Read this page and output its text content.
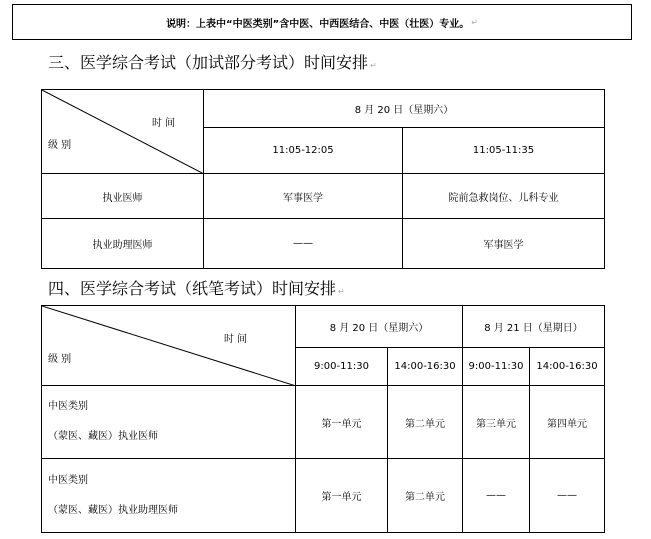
说明：上表中“中医类别”含中医、中西医结合、中医（壮医）专业。 ↵
三、医学综合考试（加试部分考试）时间安排 ↵
时 间
级 别	8 月 20 日（星期六）	
	11:05-12:05	11:05-11:35
执业医师	军事医学	院前急救岗位、儿科专业
执业助理医师	——	军事医学
四、医学综合考试（纸笔考试）时间安排 ↵
时 间
级 别	8 月 20 日（星期六）		8 月 21 日（星期日）	
	9:00-11:30	14:00-16:30	9:00-11:30	14:00-16:30

中医类别
（蒙医、藏医）执业医师	第一单元	第二单元	第三单元	第四单元

中医类别
（蒙医、藏医）执业助理医师	第一单元	第二单元	——	——
